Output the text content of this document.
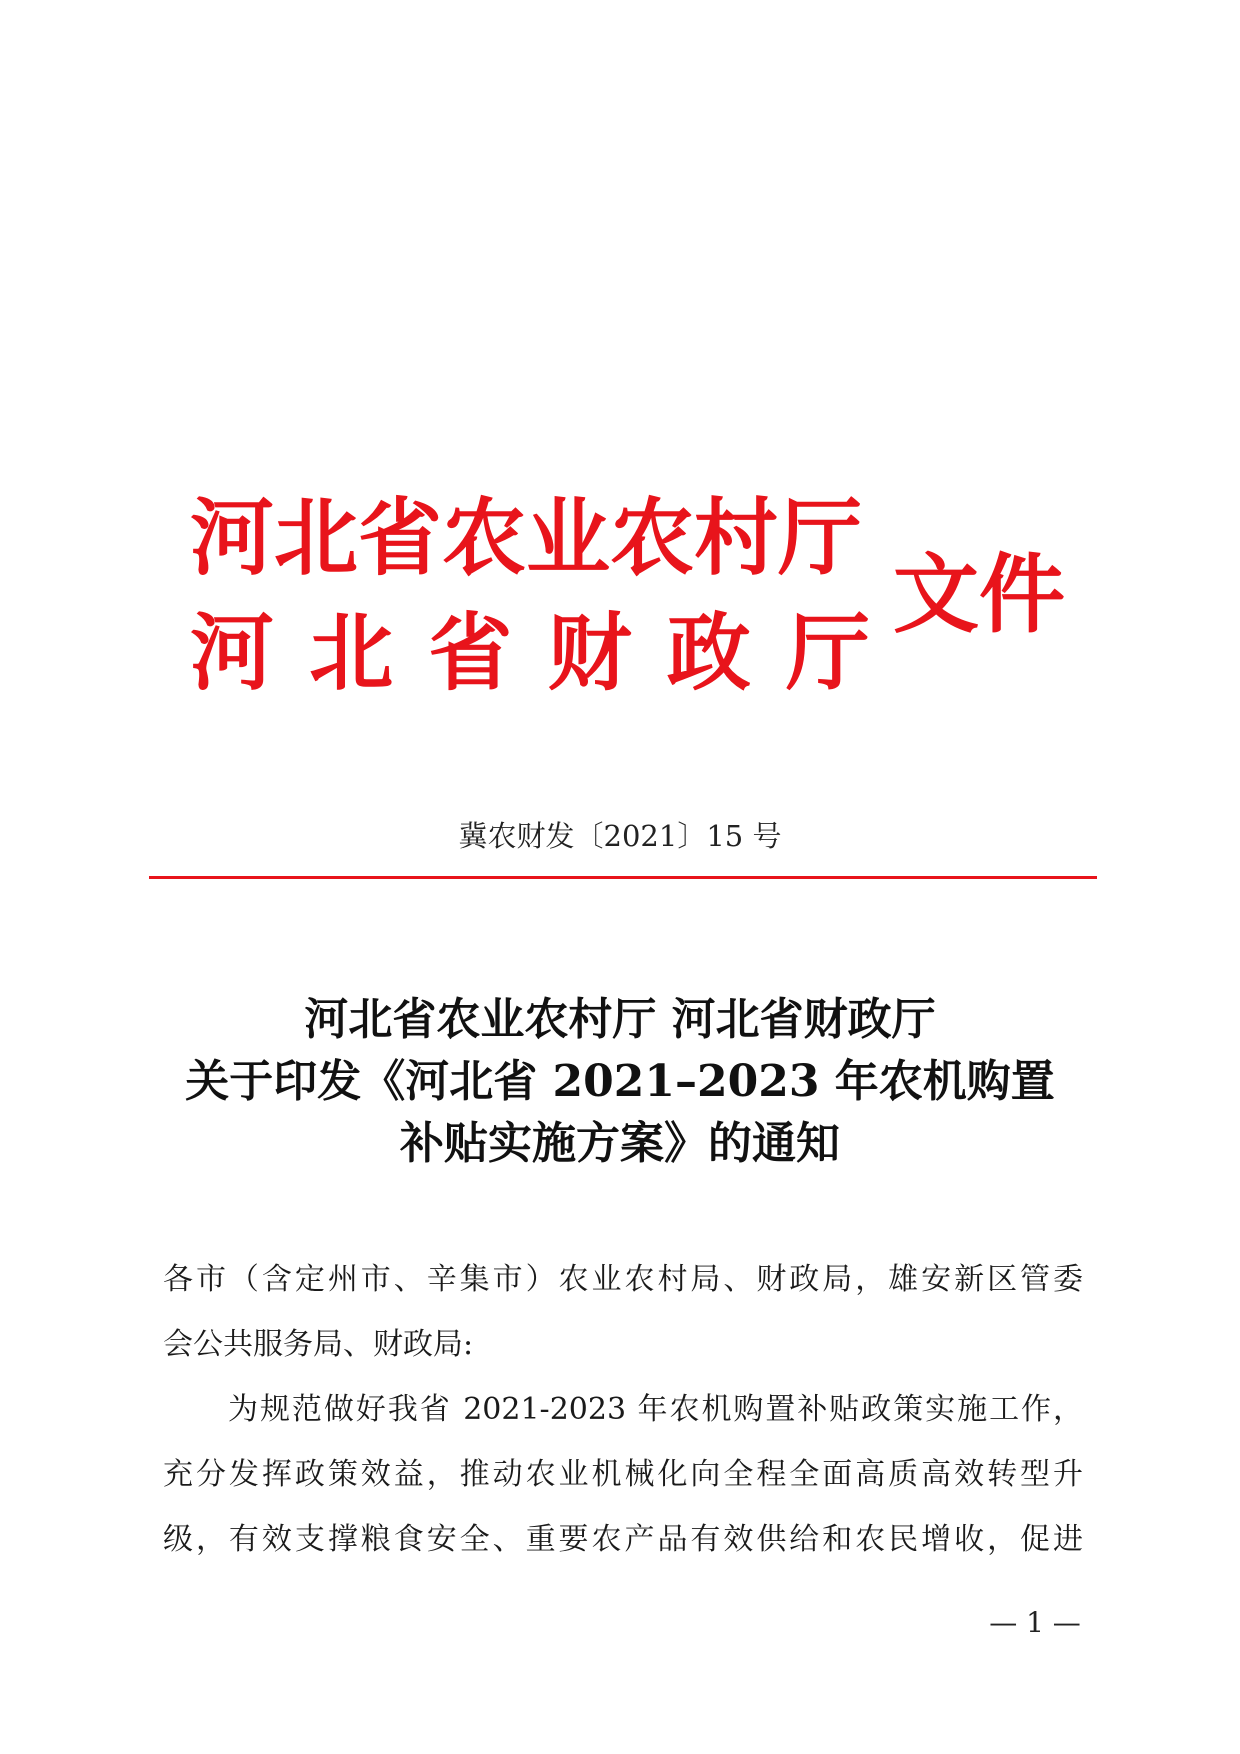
河北省农业农村厅
河 北 省 财 政 厅
文件
冀农财发〔2021〕15 号
河北省农业农村厅 河北省财政厅
关于印发《河北省 2021–2023 年农机购置
补贴实施方案》的通知
各市（含定州市、辛集市）农业农村局、财政局，雄安新区管委
会公共服务局、财政局:
为规范做好我省 2021-2023 年农机购置补贴政策实施工作，
充分发挥政策效益，推动农业机械化向全程全面高质高效转型升
级，有效支撑粮食安全、重要农产品有效供给和农民增收，促进
— 1 —
